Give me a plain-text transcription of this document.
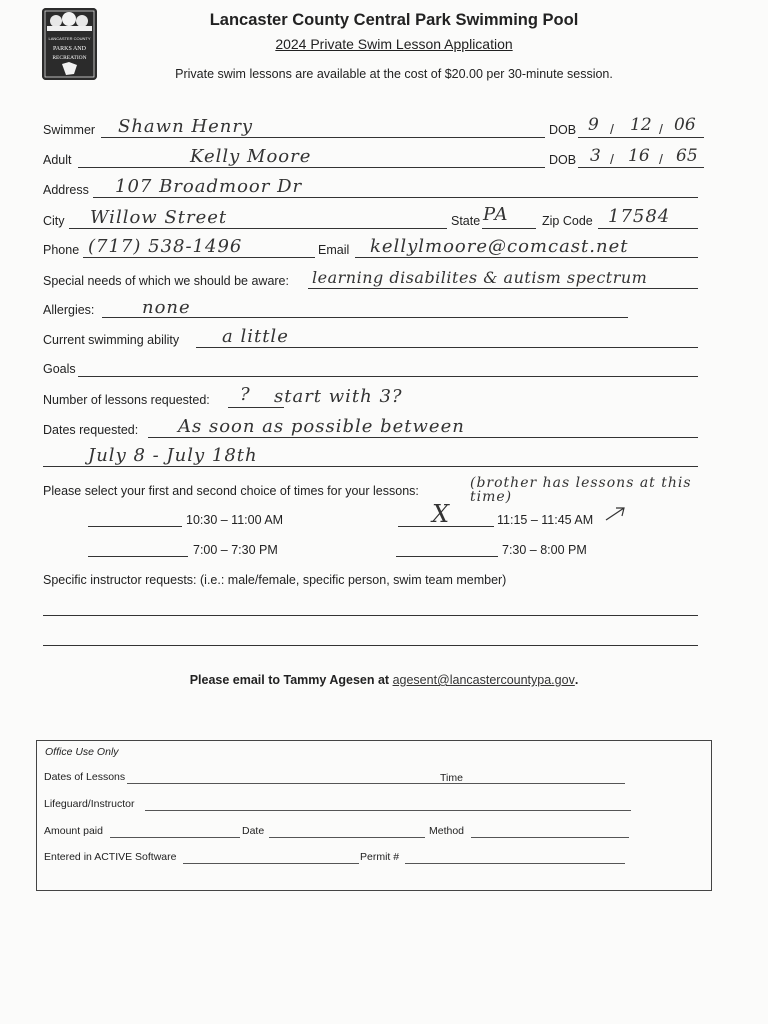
LANCASTER COUNTY
PARKS AND
RECREATION
Lancaster County Central Park Swimming Pool
2024 Private Swim Lesson Application
Private swim lessons are available at the cost of $20.00 per 30-minute session.
Swimmer Shawn Henry	DOB 9 / 12 / 06
Adult	Kelly Moore	DOB 3 / 16 / 65
Address 107 Broadmoor Dr
City Willow Street	State PA	Zip Code 17584
Phone (717) 538-1496	Email kellylmoore@comcast.net
Special needs of which we should be aware: learning disabilites & autism spectrum
Allergies:	none
Current swimming ability a little
Goals
Number of lessons requested: ? start with 3?
Dates requested: As soon as possible between
July 8 - July 18th
Please select your first and second choice of times for your lessons:	(brother has lessons at this time)
10:30 – 11:00 AM	X	11:15 – 11:45 AM
7:00 – 7:30 PM	7:30 – 8:00 PM
Specific instructor requests: (i.e.: male/female, specific person, swim team member)
Please email to Tammy Agesen at agesent@lancastercountypa.gov.
Office Use Only
Dates of Lessons	Time
Lifeguard/Instructor
Amount paid	Date	Method
Entered in ACTIVE Software	Permit #
